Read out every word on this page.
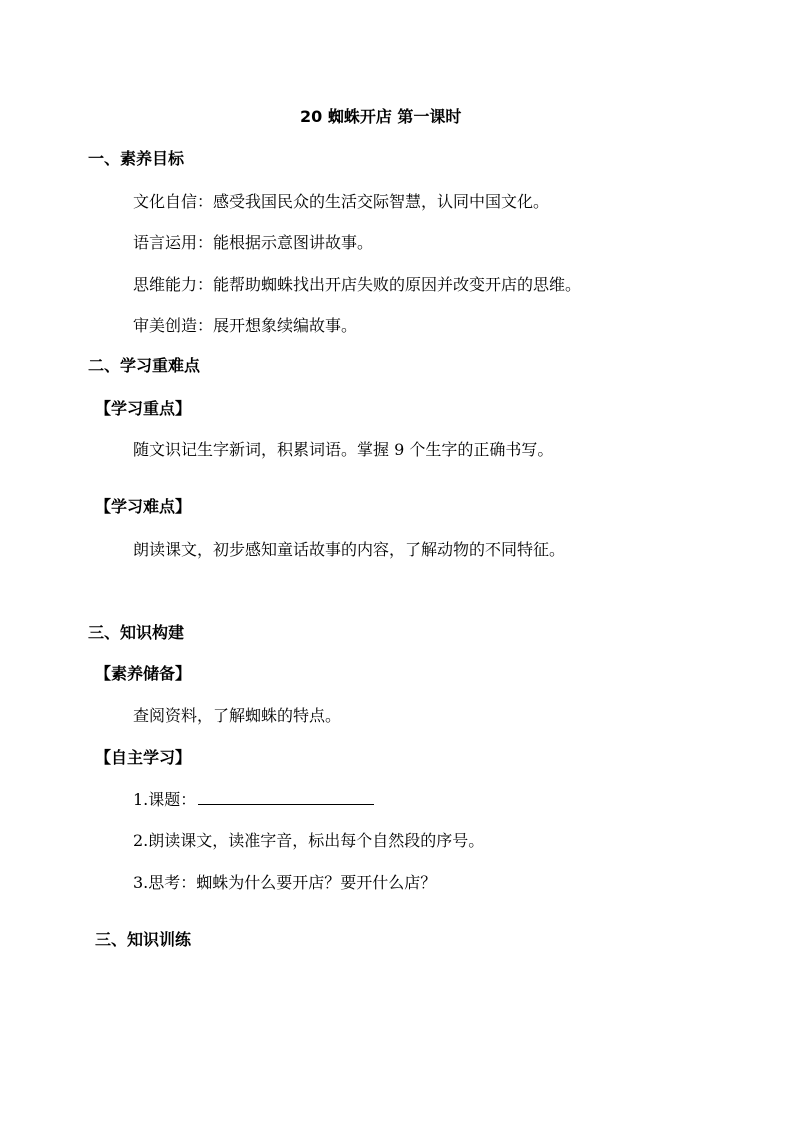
20 蜘蛛开店 第一课时
一、素养目标
文化自信：感受我国民众的生活交际智慧，认同中国文化。
语言运用：能根据示意图讲故事。
思维能力：能帮助蜘蛛找出开店失败的原因并改变开店的思维。
审美创造：展开想象续编故事。
二、学习重难点
【学习重点】
随文识记生字新词，积累词语。掌握 9 个生字的正确书写。
【学习难点】
朗读课文，初步感知童话故事的内容，了解动物的不同特征。
三、知识构建
【素养储备】
查阅资料，了解蜘蛛的特点。
【自主学习】
1.课题：
2.朗读课文，读准字音，标出每个自然段的序号。
3.思考：蜘蛛为什么要开店？要开什么店？
三、知识训练
